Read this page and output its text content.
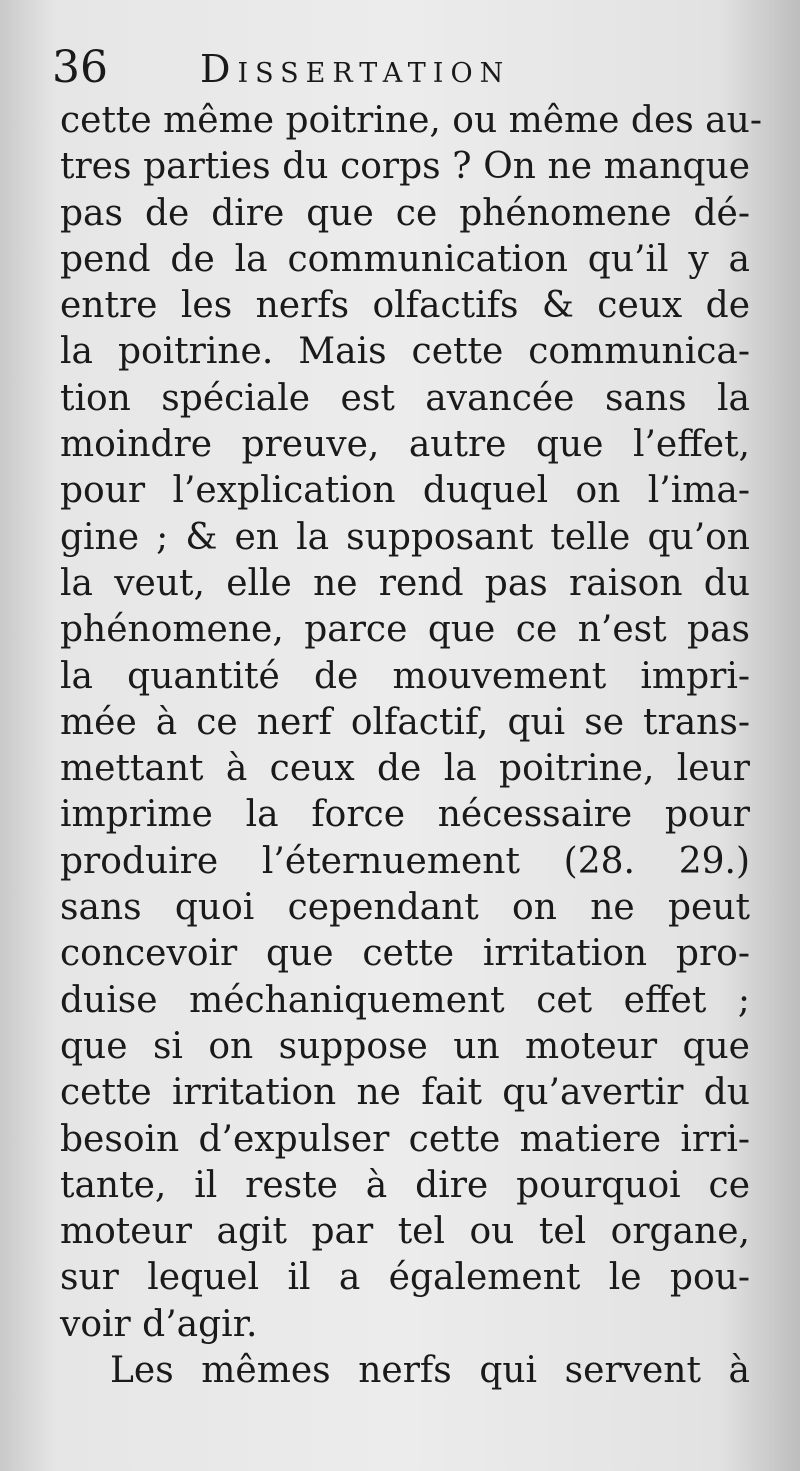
36 Dissertation
cette même poitrine, ou même des au-
tres parties du corps ? On ne manque
pas de dire que ce phénomene dé-
pend de la communication qu’il y a
entre les nerfs olfactifs & ceux de
la poitrine. Mais cette communica-
tion spéciale est avancée sans la
moindre preuve, autre que l’effet,
pour l’explication duquel on l’ima-
gine ; & en la supposant telle qu’on
la veut, elle ne rend pas raison du
phénomene, parce que ce n’est pas
la quantité de mouvement impri-
mée à ce nerf olfactif, qui se trans-
mettant à ceux de la poitrine, leur
imprime la force nécessaire pour
produire l’éternuement (28. 29.)
sans quoi cependant on ne peut
concevoir que cette irritation pro-
duise méchaniquement cet effet ;
que si on suppose un moteur que
cette irritation ne fait qu’avertir du
besoin d’expulser cette matiere irri-
tante, il reste à dire pourquoi ce
moteur agit par tel ou tel organe,
sur lequel il a également le pou-
voir d’agir.
Les mêmes nerfs qui servent à
